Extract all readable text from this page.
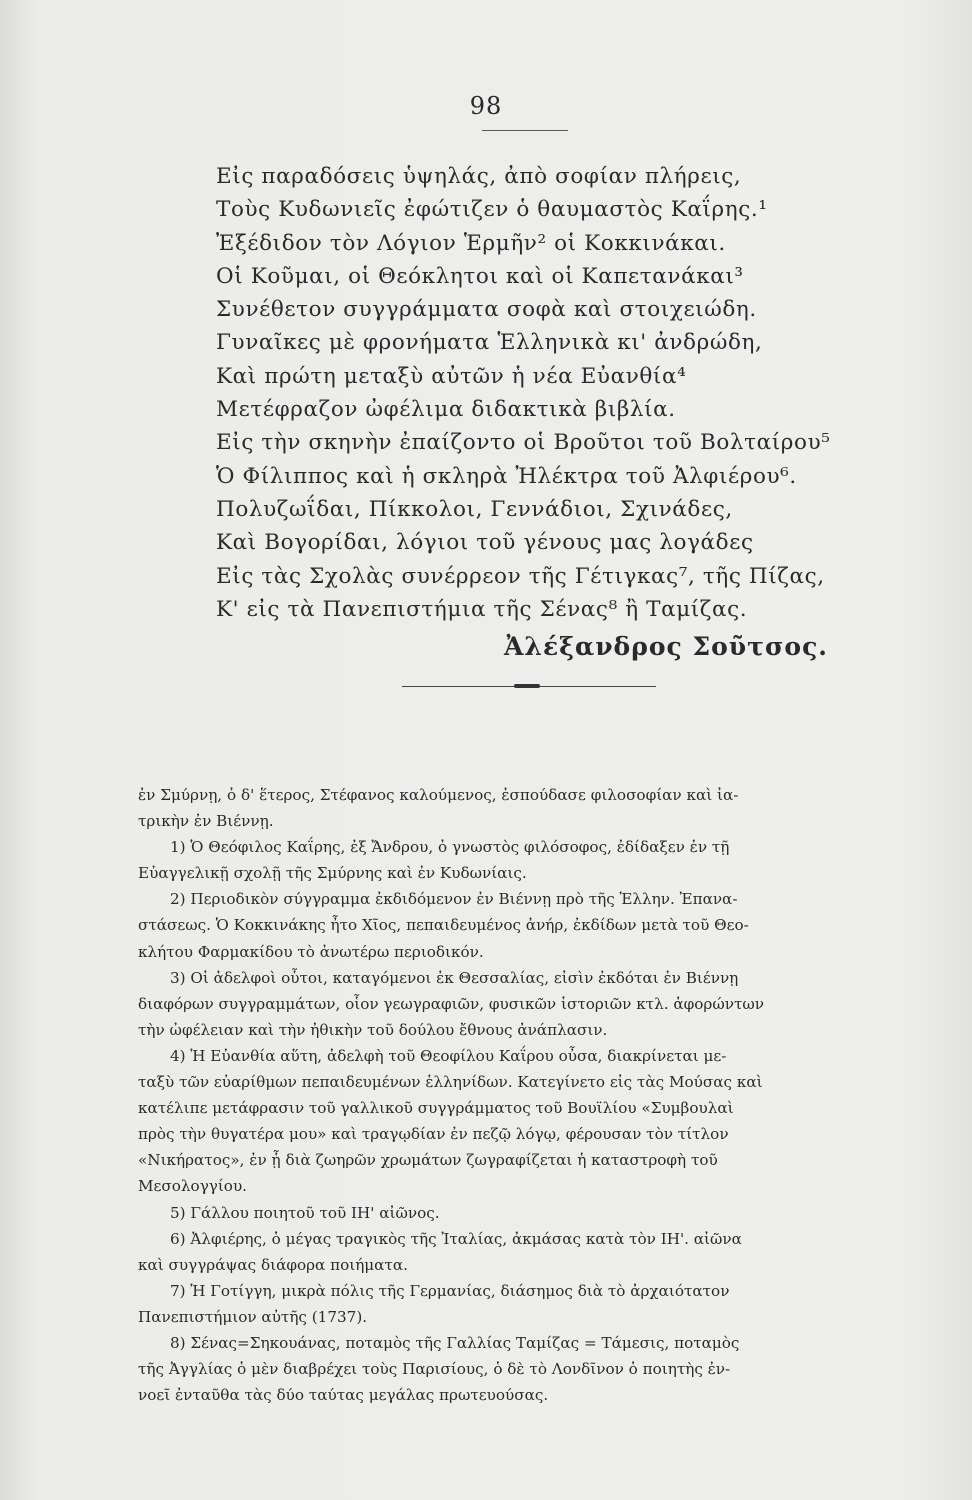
98
Εἰς παραδόσεις ὑψηλάς, ἀπὸ σοφίαν πλήρεις,
Τοὺς Κυδωνιεῖς ἐφώτιζεν ὁ θαυμαστὸς Καΐρης.¹
Ἐξέδιδον τὸν Λόγιον Ἑρμῆν² οἱ Κοκκινάκαι.
Οἱ Κοῦμαι, οἱ Θεόκλητοι καὶ οἱ Καπετανάκαι³
Συνέθετον συγγράμματα σοφὰ καὶ στοιχειώδη.
Γυναῖκες μὲ φρονήματα Ἑλληνικὰ κι' ἀνδρώδη,
Καὶ πρώτη μεταξὺ αὐτῶν ἡ νέα Εὐανθία⁴
Μετέφραζον ὠφέλιμα διδακτικὰ βιβλία.
Εἰς τὴν σκηνὴν ἐπαίζοντο οἱ Βροῦτοι τοῦ Βολταίρου⁵
Ὁ Φίλιππος καὶ ἡ σκληρὰ Ἠλέκτρα τοῦ Ἀλφιέρου⁶.
Πολυζωΐδαι, Πίκκολοι, Γεννάδιοι, Σχινάδες,
Καὶ Βογορίδαι, λόγιοι τοῦ γένους μας λογάδες
Εἰς τὰς Σχολὰς συνέρρεον τῆς Γέτιγκας⁷, τῆς Πίζας,
Κ' εἰς τὰ Πανεπιστήμια τῆς Σένας⁸ ἢ Ταμίζας.
Ἀλέξανδρος Σοῦτσος.
ἐν Σμύρνῃ, ὁ δ' ἕτερος, Στέφανος καλούμενος, ἐσπούδασε φιλοσοφίαν καὶ ἰα-
τρικὴν ἐν Βιέννῃ.
1) Ὁ Θεόφιλος Καΐρης, ἐξ Ἄνδρου, ὁ γνωστὸς φιλόσοφος, ἐδίδαξεν ἐν τῇ
Εὐαγγελικῇ σχολῇ τῆς Σμύρνης καὶ ἐν Κυδωνίαις.
2) Περιοδικὸν σύγγραμμα ἐκδιδόμενον ἐν Βιέννῃ πρὸ τῆς Ἑλλην. Ἐπανα-
στάσεως. Ὁ Κοκκινάκης ἦτο Χῖος, πεπαιδευμένος ἀνήρ, ἐκδίδων μετὰ τοῦ Θεο-
κλήτου Φαρμακίδου τὸ ἀνωτέρω περιοδικόν.
3) Οἱ ἀδελφοὶ οὗτοι, καταγόμενοι ἐκ Θεσσαλίας, εἰσὶν ἐκδόται ἐν Βιέννῃ
διαφόρων συγγραμμάτων, οἷον γεωγραφιῶν, φυσικῶν ἱστοριῶν κτλ. ἀφορώντων
τὴν ὠφέλειαν καὶ τὴν ἠθικὴν τοῦ δούλου ἔθνους ἀνάπλασιν.
4) Ἡ Εὐανθία αὕτη, ἀδελφὴ τοῦ Θεοφίλου Καΐρου οὖσα, διακρίνεται με-
ταξὺ τῶν εὐαρίθμων πεπαιδευμένων ἑλληνίδων. Κατεγίνετο εἰς τὰς Μούσας καὶ
κατέλιπε μετάφρασιν τοῦ γαλλικοῦ συγγράμματος τοῦ Βουϊλίου «Συμβουλαὶ
πρὸς τὴν θυγατέρα μου» καὶ τραγῳδίαν ἐν πεζῷ λόγῳ, φέρουσαν τὸν τίτλον
«Νικήρατος», ἐν ᾗ διὰ ζωηρῶν χρωμάτων ζωγραφίζεται ἡ καταστροφὴ τοῦ
Μεσολογγίου.
5) Γάλλου ποιητοῦ τοῦ ΙΗ' αἰῶνος.
6) Ἀλφιέρης, ὁ μέγας τραγικὸς τῆς Ἰταλίας, ἀκμάσας κατὰ τὸν ΙΗ'. αἰῶνα
καὶ συγγράψας διάφορα ποιήματα.
7) Ἡ Γοτίγγη, μικρὰ πόλις τῆς Γερμανίας, διάσημος διὰ τὸ ἀρχαιότατον
Πανεπιστήμιον αὐτῆς (1737).
8) Σένας=Σηκουάνας, ποταμὸς τῆς Γαλλίας Ταμίζας = Τάμεσις, ποταμὸς
τῆς Ἀγγλίας ὁ μὲν διαβρέχει τοὺς Παρισίους, ὁ δὲ τὸ Λονδῖνον ὁ ποιητὴς ἐν-
νοεῖ ἐνταῦθα τὰς δύο ταύτας μεγάλας πρωτευούσας.
